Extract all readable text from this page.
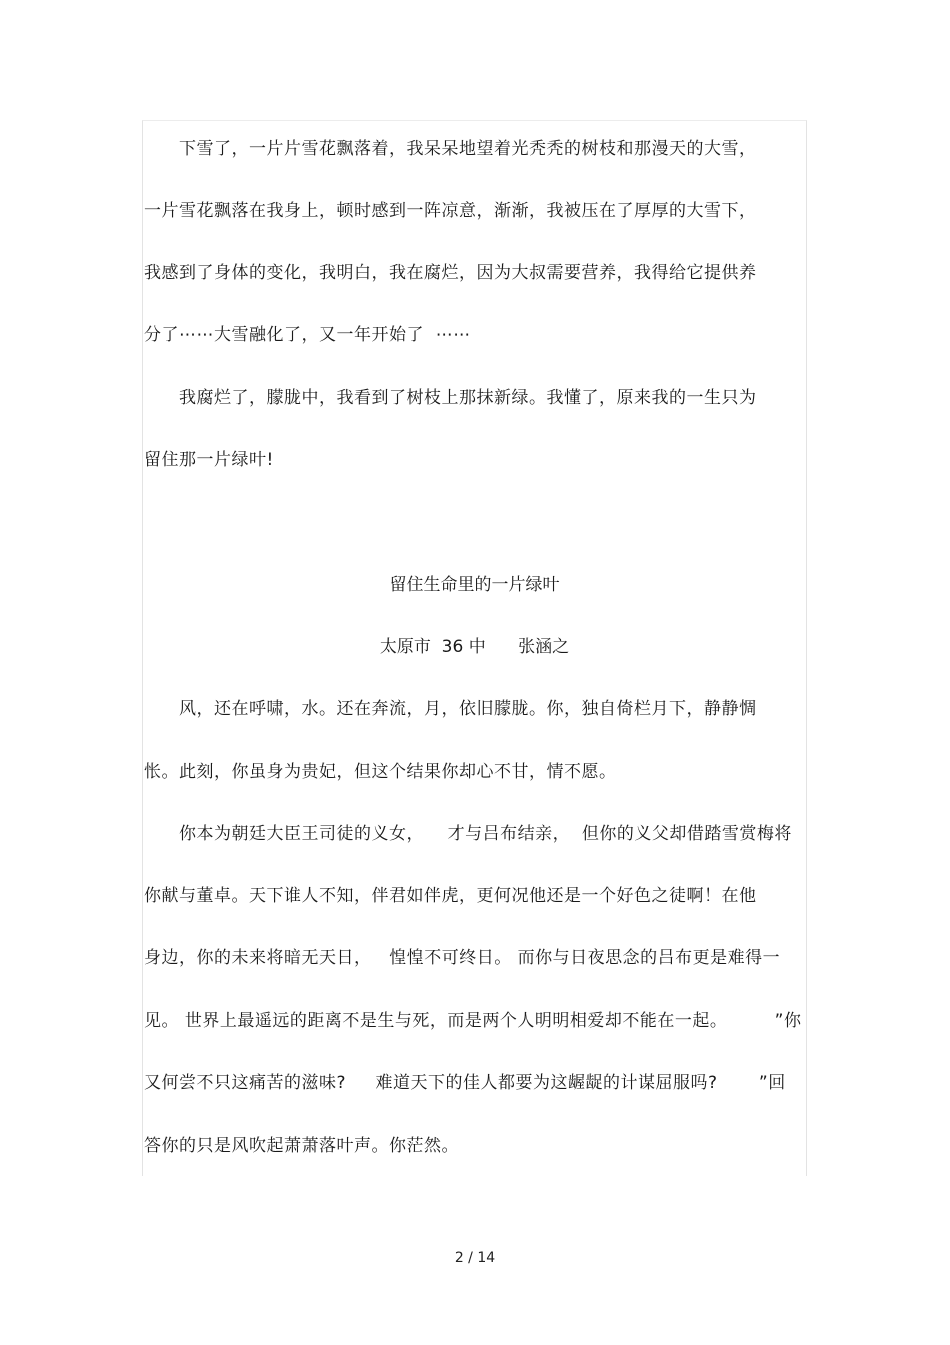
　　下雪了，一片片雪花飘落着，我呆呆地望着光秃秃的树枝和那漫天的大雪，
一片雪花飘落在我身上，顿时感到一阵凉意，渐渐，我被压在了厚厚的大雪下，
我感到了身体的变化，我明白，我在腐烂，因为大叔需要营养，我得给它提供养
分了⋯⋯大雪融化了，又一年开始了  ⋯⋯
　　我腐烂了，朦胧中，我看到了树枝上那抹新绿。我懂了，原来我的一生只为
留住那一片绿叶!
留住生命里的一片绿叶
太原市  36 中      张涵之
　　风，还在呼啸，水。还在奔流，月，依旧朦胧。你，独自倚栏月下，静静惆
怅。此刻，你虽身为贵妃，但这个结果你却心不甘，情不愿。
　　你本为朝廷大臣王司徒的义女，    才与吕布结亲，  但你的义父却借踏雪赏梅将
你献与董卓。天下谁人不知，伴君如伴虎，更何况他还是一个好色之徒啊！在他
身边，你的未来将暗无天日，   惶惶不可终日。 而你与日夜思念的吕布更是难得一
见。 世界上最遥远的距离不是生与死，而是两个人明明相爱却不能在一起。        ”你
又何尝不只这痛苦的滋味?     难道天下的佳人都要为这龌龊的计谋屈服吗?       ”回
答你的只是风吹起萧萧落叶声。你茫然。
2 / 14
